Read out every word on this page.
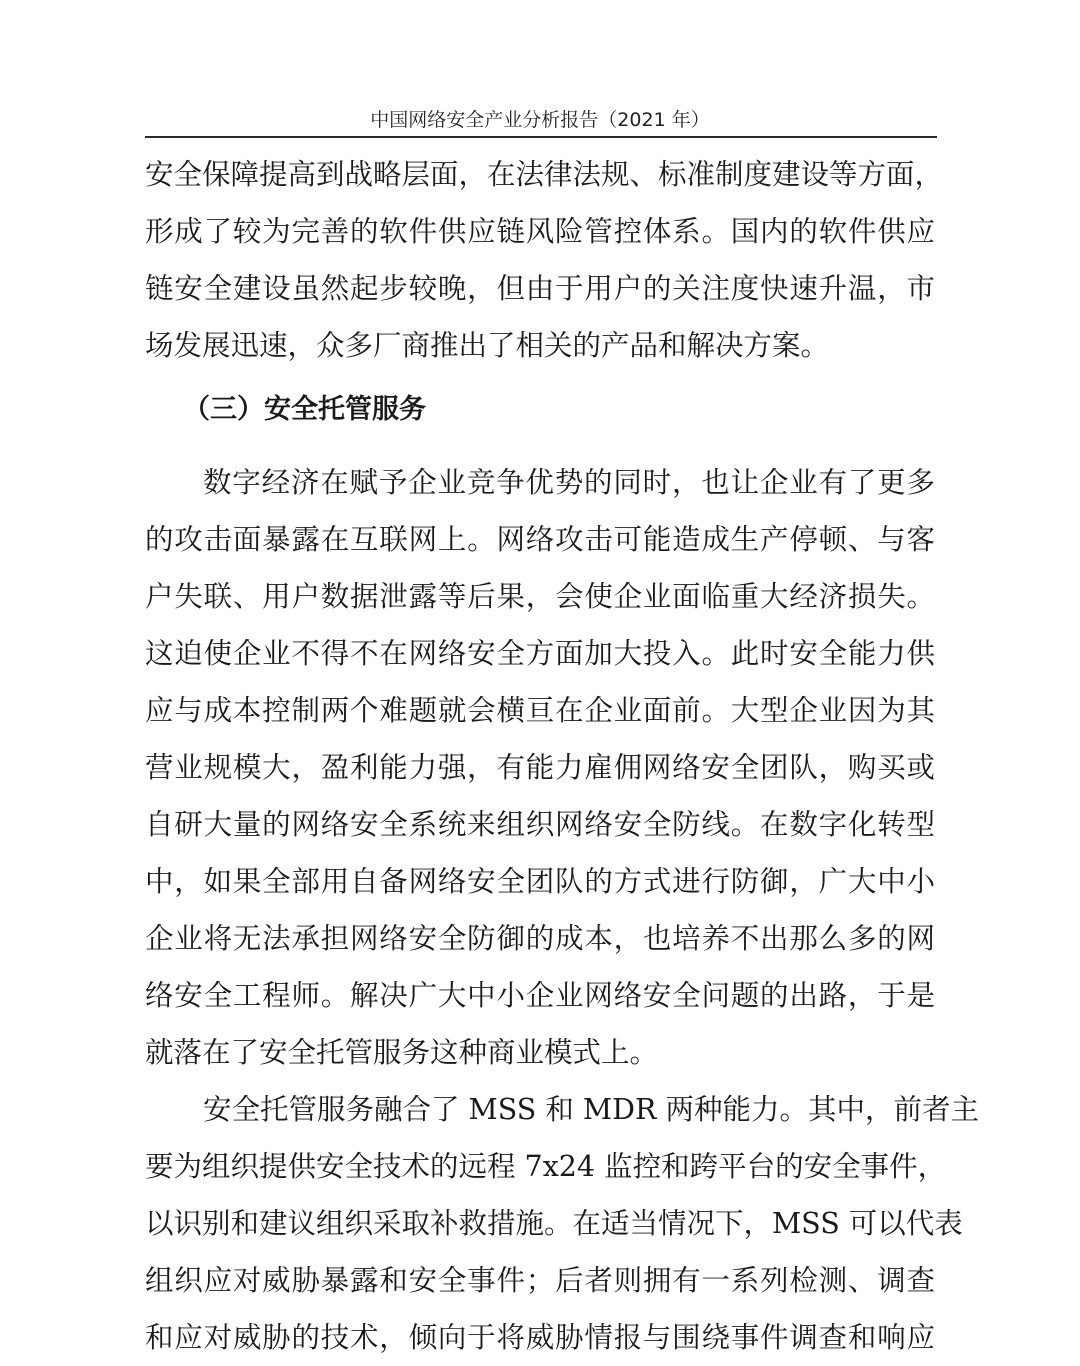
中国网络安全产业分析报告（2021 年）
安全保障提高到战略层面，在法律法规、标准制度建设等方面，
形成了较为完善的软件供应链风险管控体系。国内的软件供应
链安全建设虽然起步较晚，但由于用户的关注度快速升温，市
场发展迅速，众多厂商推出了相关的产品和解决方案。
（三）安全托管服务
数字经济在赋予企业竞争优势的同时，也让企业有了更多
的攻击面暴露在互联网上。网络攻击可能造成生产停顿、与客
户失联、用户数据泄露等后果，会使企业面临重大经济损失。
这迫使企业不得不在网络安全方面加大投入。此时安全能力供
应与成本控制两个难题就会横亘在企业面前。大型企业因为其
营业规模大，盈利能力强，有能力雇佣网络安全团队，购买或
自研大量的网络安全系统来组织网络安全防线。在数字化转型
中，如果全部用自备网络安全团队的方式进行防御，广大中小
企业将无法承担网络安全防御的成本，也培养不出那么多的网
络安全工程师。解决广大中小企业网络安全问题的出路，于是
就落在了安全托管服务这种商业模式上。
安全托管服务融合了 MSS 和 MDR 两种能力。其中，前者主
要为组织提供安全技术的远程 7x24 监控和跨平台的安全事件，
以识别和建议组织采取补救措施。在适当情况下，MSS 可以代表
组织应对威胁暴露和安全事件；后者则拥有一系列检测、调查
和应对威胁的技术，倾向于将威胁情报与围绕事件调查和响应
